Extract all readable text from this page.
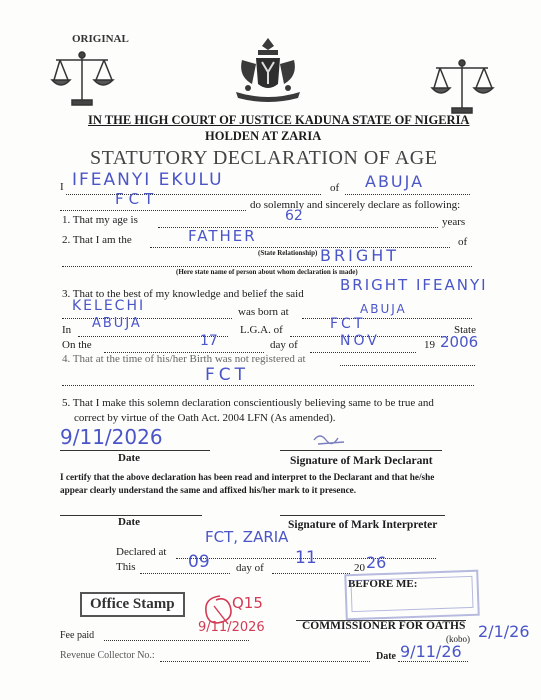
ORIGINAL
IN THE HIGH COURT OF JUSTICE KADUNA STATE OF NIGERIA
HOLDEN AT ZARIA
STATUTORY DECLARATION OF AGE
I IFEANYI EKULU	of ABUJA
FCT	do solemnly and sincerely declare as following:
1. That my age is	62	years
2. That I am the	FATHER	of
(State Relationship) BRIGHT
(Here state name of person about whom declaration is made)
3. That to the best of my knowledge and belief the said BRIGHT IFEANYI
KELECHI	was born at	ABUJA
In ABUJA	L.G.A. of	FCT	State
On the	17	day of	NOV	19 2006
4. That at the time of his/her Birth was not registered at
FCT
5. That I make this solemn declaration conscientiously believing same to be true and
correct by virtue of the Oath Act. 2004 LFN (As amended).
9/11/2026
Date	Signature of Mark Declarant
I certify that the above declaration has been read and interpret to the Declarant and that he/she
appear clearly understand the same and affixed his/her mark to it presence.
Date	Signature of Mark Interpreter
Declared at
FCT, ZARIA
This	09 day of 11	20 26
BEFORE ME:
Office Stamp	Q15
Fee paid
9/11/2026	COMMISSIONER FOR OATHS
(kobo) 2/1/26
Revenue Collector No.:	Date 9/11/26
